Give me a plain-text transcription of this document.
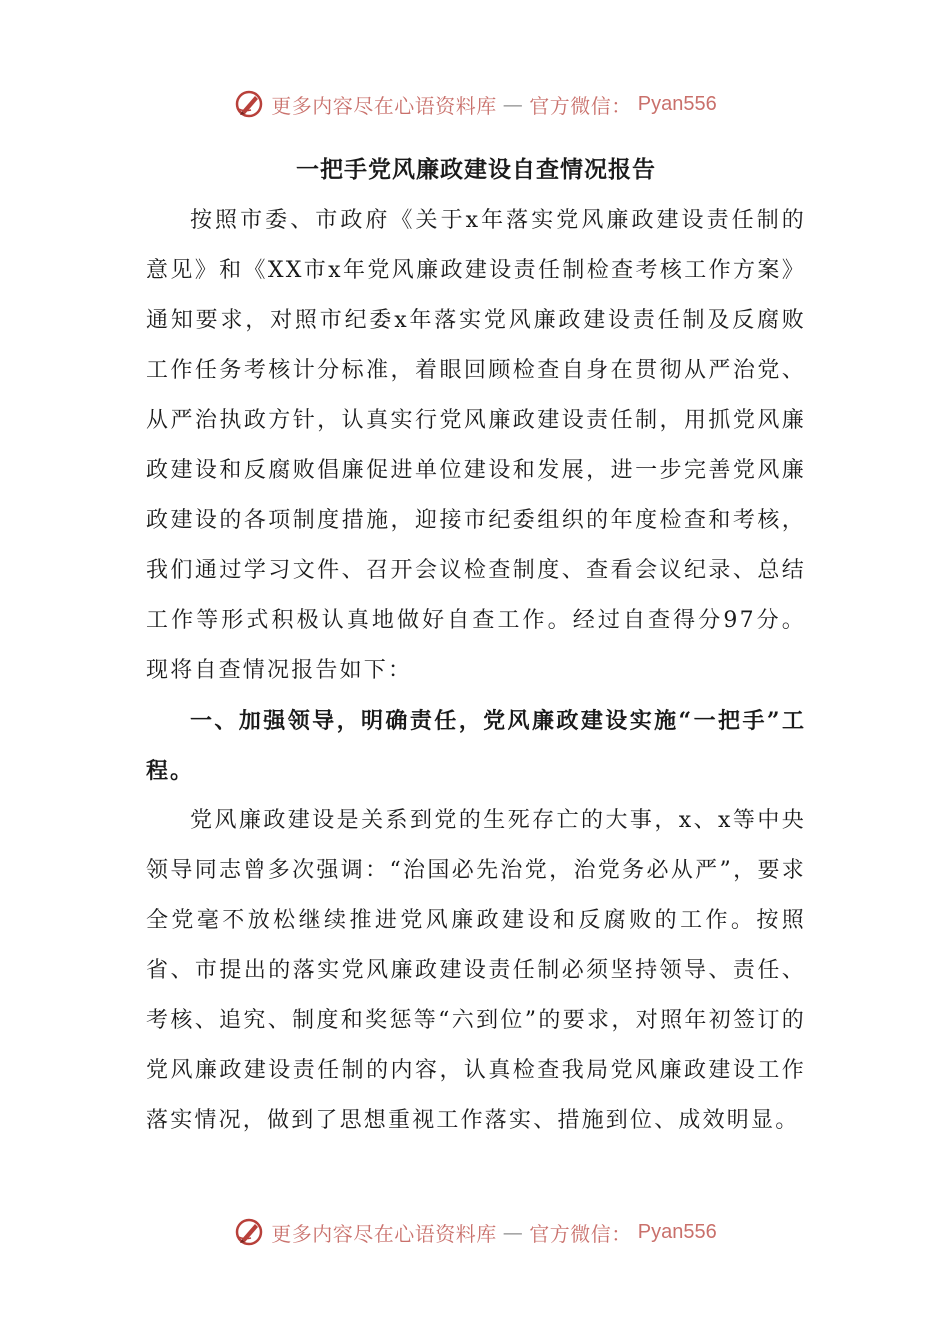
更多内容尽在心语资料库 — 官方微信： Pyan556
一把手党风廉政建设自查情况报告

按照市委、市政府《关于x年落实党风廉政建设责任制的意见》和《XX市x年党风廉政建设责任制检查考核工作方案》通知要求，对照市纪委x年落实党风廉政建设责任制及反腐败工作任务考核计分标准，着眼回顾检查自身在贯彻从严治党、从严治执政方针，认真实行党风廉政建设责任制，用抓党风廉政建设和反腐败倡廉促进单位建设和发展，进一步完善党风廉政建设的各项制度措施，迎接市纪委组织的年度检查和考核，我们通过学习文件、召开会议检查制度、查看会议纪录、总结工作等形式积极认真地做好自查工作。经过自查得分97分。现将自查情况报告如下：

一、加强领导，明确责任，党风廉政建设实施“一把手”工程。

党风廉政建设是关系到党的生死存亡的大事，x、x等中央领导同志曾多次强调：“治国必先治党，治党务必从严”，要求全党毫不放松继续推进党风廉政建设和反腐败的工作。按照省、市提出的落实党风廉政建设责任制必须坚持领导、责任、考核、追究、制度和奖惩等“六到位”的要求，对照年初签订的党风廉政建设责任制的内容，认真检查我局党风廉政建设工作落实情况，做到了思想重视工作落实、措施到位、成效明显。

更多内容尽在心语资料库 — 官方微信： Pyan556
